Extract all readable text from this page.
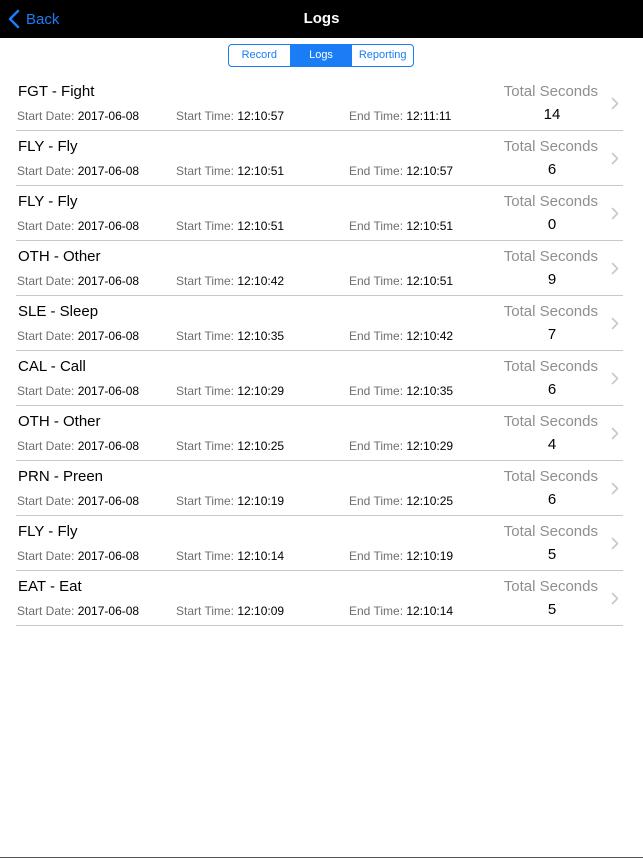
Logs
Back
Record	Logs	Reporting
FGT - Fight
Start Date: 2017-06-08	Start Time: 12:10:57	End Time: 12:11:11
Total Seconds
14
FLY - Fly
Start Date: 2017-06-08	Start Time: 12:10:51	End Time: 12:10:57
Total Seconds
6
FLY - Fly
Start Date: 2017-06-08	Start Time: 12:10:51	End Time: 12:10:51
Total Seconds
0
OTH - Other
Start Date: 2017-06-08	Start Time: 12:10:42	End Time: 12:10:51
Total Seconds
9
SLE - Sleep
Start Date: 2017-06-08	Start Time: 12:10:35	End Time: 12:10:42
Total Seconds
7
CAL - Call
Start Date: 2017-06-08	Start Time: 12:10:29	End Time: 12:10:35
Total Seconds
6
OTH - Other
Start Date: 2017-06-08	Start Time: 12:10:25	End Time: 12:10:29
Total Seconds
4
PRN - Preen
Start Date: 2017-06-08	Start Time: 12:10:19	End Time: 12:10:25
Total Seconds
6
FLY - Fly
Start Date: 2017-06-08	Start Time: 12:10:14	End Time: 12:10:19
Total Seconds
5
EAT - Eat
Start Date: 2017-06-08	Start Time: 12:10:09	End Time: 12:10:14
Total Seconds
5
